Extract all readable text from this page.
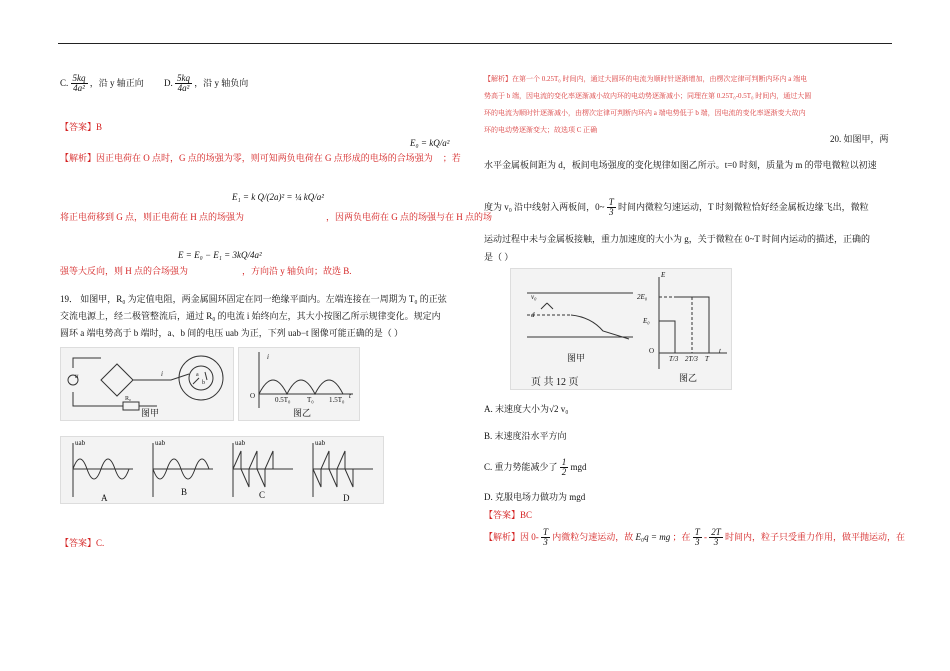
C. $\frac{5kq}{\text{4a²}}$ ，沿 y 轴正向 D. $\frac{5kq}{\text{4a²}}$ ，沿 y 轴负向
【答案】B
E₀ = kQ/a²
【解析】因正电荷在 O 点时，G 点的场强为零，则可知两负电荷在 G 点形成的电场的合场强为 ；若
E₁ = k Q/(2a)² = ¼ kQ/a²
将正电荷移到 G 点，则正电荷在 H 点的场强为	，因两负电荷在 G 点的场强与在 H 点的场
E = E₀ − E₁ = 3kQ/4a²
强等大反向，则 H 点的合场强为	，方向沿 y 轴负向；故选 B.
19． 如图甲，R₀ 为定值电阻，两金属圆环固定在同一绝缘平面内。左端连接在一周期为 T₀ 的正弦
交流电源上，经二极管整流后，通过 R₀ 的电流 i 始终向左，其大小按图乙所示规律变化。规定内
圆环 a 端电势高于 b 端时，a、b 间的电压 uab 为正，下列 uab−t 图像可能正确的是（ ）
u	i	a
b
R₀
图甲
i
O	0.5T₀ T₀ 1.5T₀ t
图乙
A
B	C	D
uab	uab	uab	uab
【答案】C.
【解析】在第一个 0.25T₀ 时间内，通过大圆环的电流为顺时针逐渐增加，由楞次定律可判断内环内 a 端电
势高于 b 端，因电流的变化率逐渐减小故内环的电动势逐渐减小；同理在第 0.25T₀-0.5T₀ 时间内，通过大圆
环的电流为顺时针逐渐减小，由楞次定律可判断内环内 a 端电势低于 b 端，因电流的变化率逐渐变大故内
环的电动势逐渐变大；故选项 C 正确
20. 如图甲，两
水平金属板间距为 d，板间电场强度的变化规律如图乙所示。t=0 时刻，质量为 m 的带电微粒以初速
度为 v₀ 沿中线射入两板间，0~ $\frac{T}{3}$ 时间内微粒匀速运动，T 时刻微粒恰好经金属板边缘飞出，微粒
运动过程中未与金属板接触，重力加速度的大小为 g，关于微粒在 0~T 时间内运动的描述，正确的
是（ ）
v₀
d
E
2E₀
E₀
O
T/3 2T/3 T
t
图甲
图乙
页 共 12 页
A. 末速度大小为√2 v₀
B. 末速度沿水平方向
C. 重力势能减少了 $\frac{1}{2}$ mgd
D. 克服电场力做功为 mgd
【答案】BC
【解析】因 $0- \frac{T}{3}$ 内微粒匀速运动，故 E₀q = mg ；在 $\frac{T}{3} - \frac{2T}{3}$ 时间内，粒子只受重力作用，做平抛运动，在
